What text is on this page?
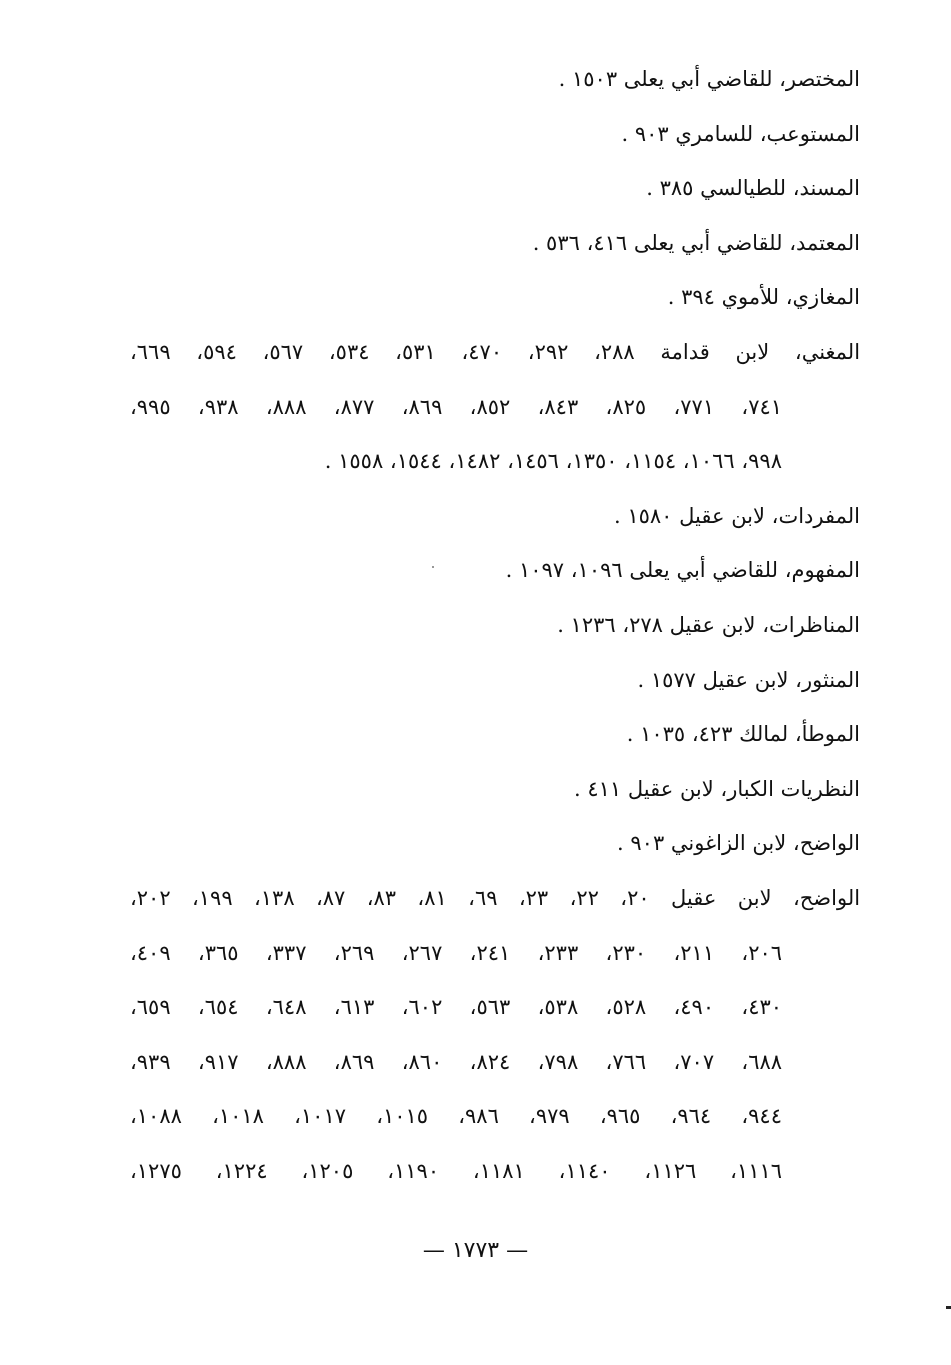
المختصر، للقاضي أبي يعلى ١٥٠٣ .
المستوعب، للسامري ٩٠٣ .
المسند، للطيالسي ٣٨٥ .
المعتمد، للقاضي أبي يعلى ٤١٦، ٥٣٦ .
المغازي، للأموي ٣٩٤ .
المغني، لابن قدامة ٢٨٨، ٢٩٢، ٤٧٠، ٥٣١، ٥٣٤، ٥٦٧، ٥٩٤، ٦٦٩،
٧٤١، ٧٧١، ٨٢٥، ٨٤٣، ٨٥٢، ٨٦٩، ٨٧٧، ٨٨٨، ٩٣٨، ٩٩٥،
٩٩٨، ١٠٦٦، ١١٥٤، ١٣٥٠، ١٤٥٦، ١٤٨٢، ١٥٤٤، ١٥٥٨ .
المفردات، لابن عقيل ١٥٨٠ .
المفهوم، للقاضي أبي يعلى ١٠٩٦، ١٠٩٧ .
المناظرات، لابن عقيل ٢٧٨، ١٢٣٦ .
المنثور، لابن عقيل ١٥٧٧ .
الموطأ، لمالك ٤٢٣، ١٠٣٥ .
النظريات الكبار، لابن عقيل ٤١١ .
الواضح، لابن الزاغوني ٩٠٣ .
الواضح، لابن عقيل ٢٠، ٢٢، ٢٣، ٦٩، ٨١، ٨٣، ٨٧، ١٣٨، ١٩٩، ٢٠٢،
٢٠٦، ٢١١، ٢٣٠، ٢٣٣، ٢٤١، ٢٦٧، ٢٦٩، ٣٣٧، ٣٦٥، ٤٠٩،
٤٣٠، ٤٩٠، ٥٢٨، ٥٣٨، ٥٦٣، ٦٠٢، ٦١٣، ٦٤٨، ٦٥٤، ٦٥٩،
٦٨٨، ٧٠٧، ٧٦٦، ٧٩٨، ٨٢٤، ٨٦٠، ٨٦٩، ٨٨٨، ٩١٧، ٩٣٩،
٩٤٤، ٩٦٤، ٩٦٥، ٩٧٩، ٩٨٦، ١٠١٥، ١٠١٧، ١٠١٨، ١٠٨٨،
١١١٦، ١١٢٦، ١١٤٠، ١١٨١، ١١٩٠، ١٢٠٥، ١٢٢٤، ١٢٧٥،
— ١٧٧٣ —
